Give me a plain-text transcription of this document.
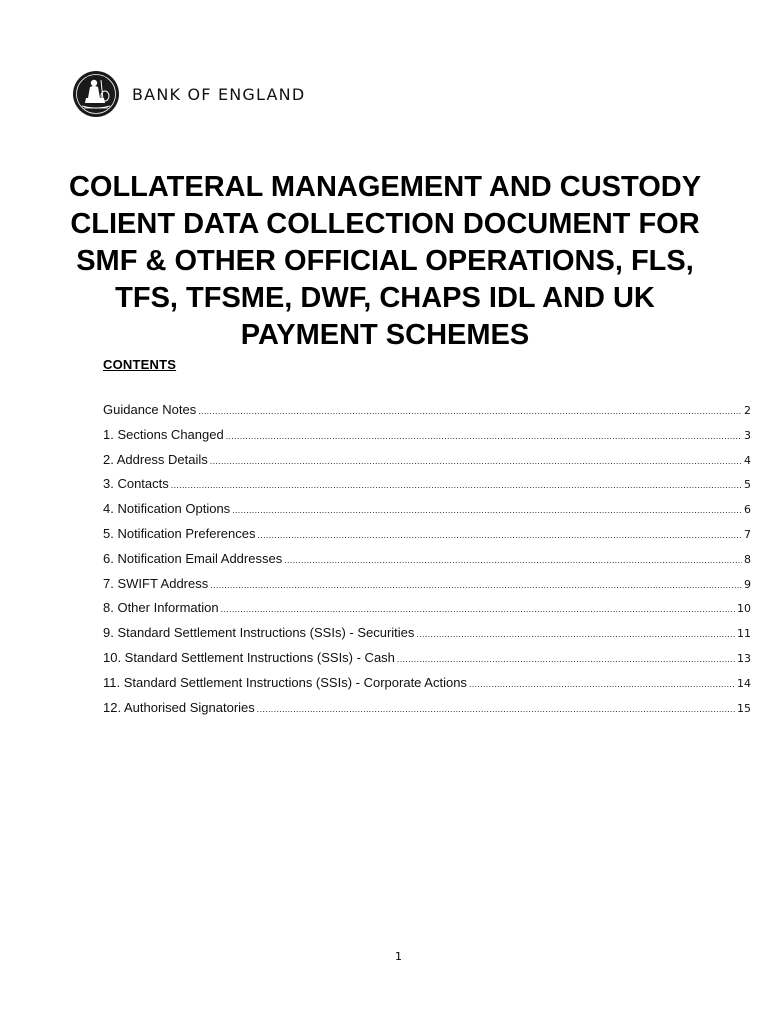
BANK OF ENGLAND
COLLATERAL MANAGEMENT AND CUSTODY
CLIENT DATA COLLECTION DOCUMENT FOR
SMF & OTHER OFFICIAL OPERATIONS, FLS,
TFS, TFSME, DWF, CHAPS IDL AND UK
PAYMENT SCHEMES
CONTENTS
Guidance Notes .....	2
1. Sections Changed .....	3
2. Address Details .....	4
3. Contacts .....	5
4. Notification Options .....	6
5. Notification Preferences .....	7
6. Notification Email Addresses .....	8
7. SWIFT Address .....	9
8. Other Information .....	10
9. Standard Settlement Instructions (SSIs) - Securities .....	11
10. Standard Settlement Instructions (SSIs) - Cash .....	13
11. Standard Settlement Instructions (SSIs) - Corporate Actions .....	14
12. Authorised Signatories .....	15
1
